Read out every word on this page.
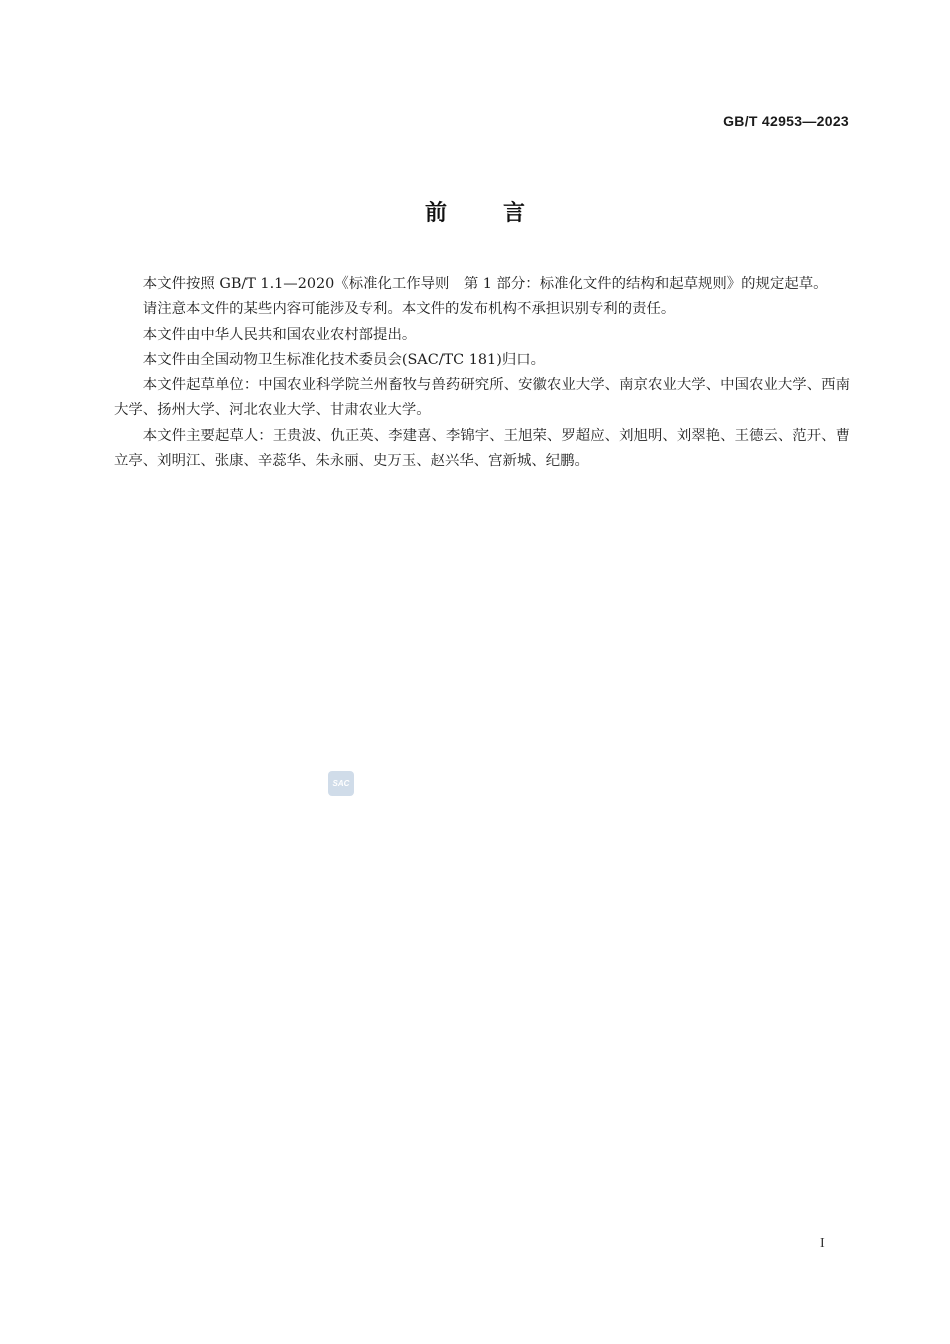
GB/T 42953—2023
前言

本文件按照 GB/T 1.1—2020《标准化工作导则　第 1 部分：标准化文件的结构和起草规则》的规定起草。

请注意本文件的某些内容可能涉及专利。本文件的发布机构不承担识别专利的责任。

本文件由中华人民共和国农业农村部提出。

本文件由全国动物卫生标准化技术委员会(SAC/TC 181)归口。

本文件起草单位：中国农业科学院兰州畜牧与兽药研究所、安徽农业大学、南京农业大学、中国农业大学、西南大学、扬州大学、河北农业大学、甘肃农业大学。

本文件主要起草人：王贵波、仇正英、李建喜、李锦宇、王旭荣、罗超应、刘旭明、刘翠艳、王德云、范开、曹立亭、刘明江、张康、辛蕊华、朱永丽、史万玉、赵兴华、宫新城、纪鹏。

SAC
I
